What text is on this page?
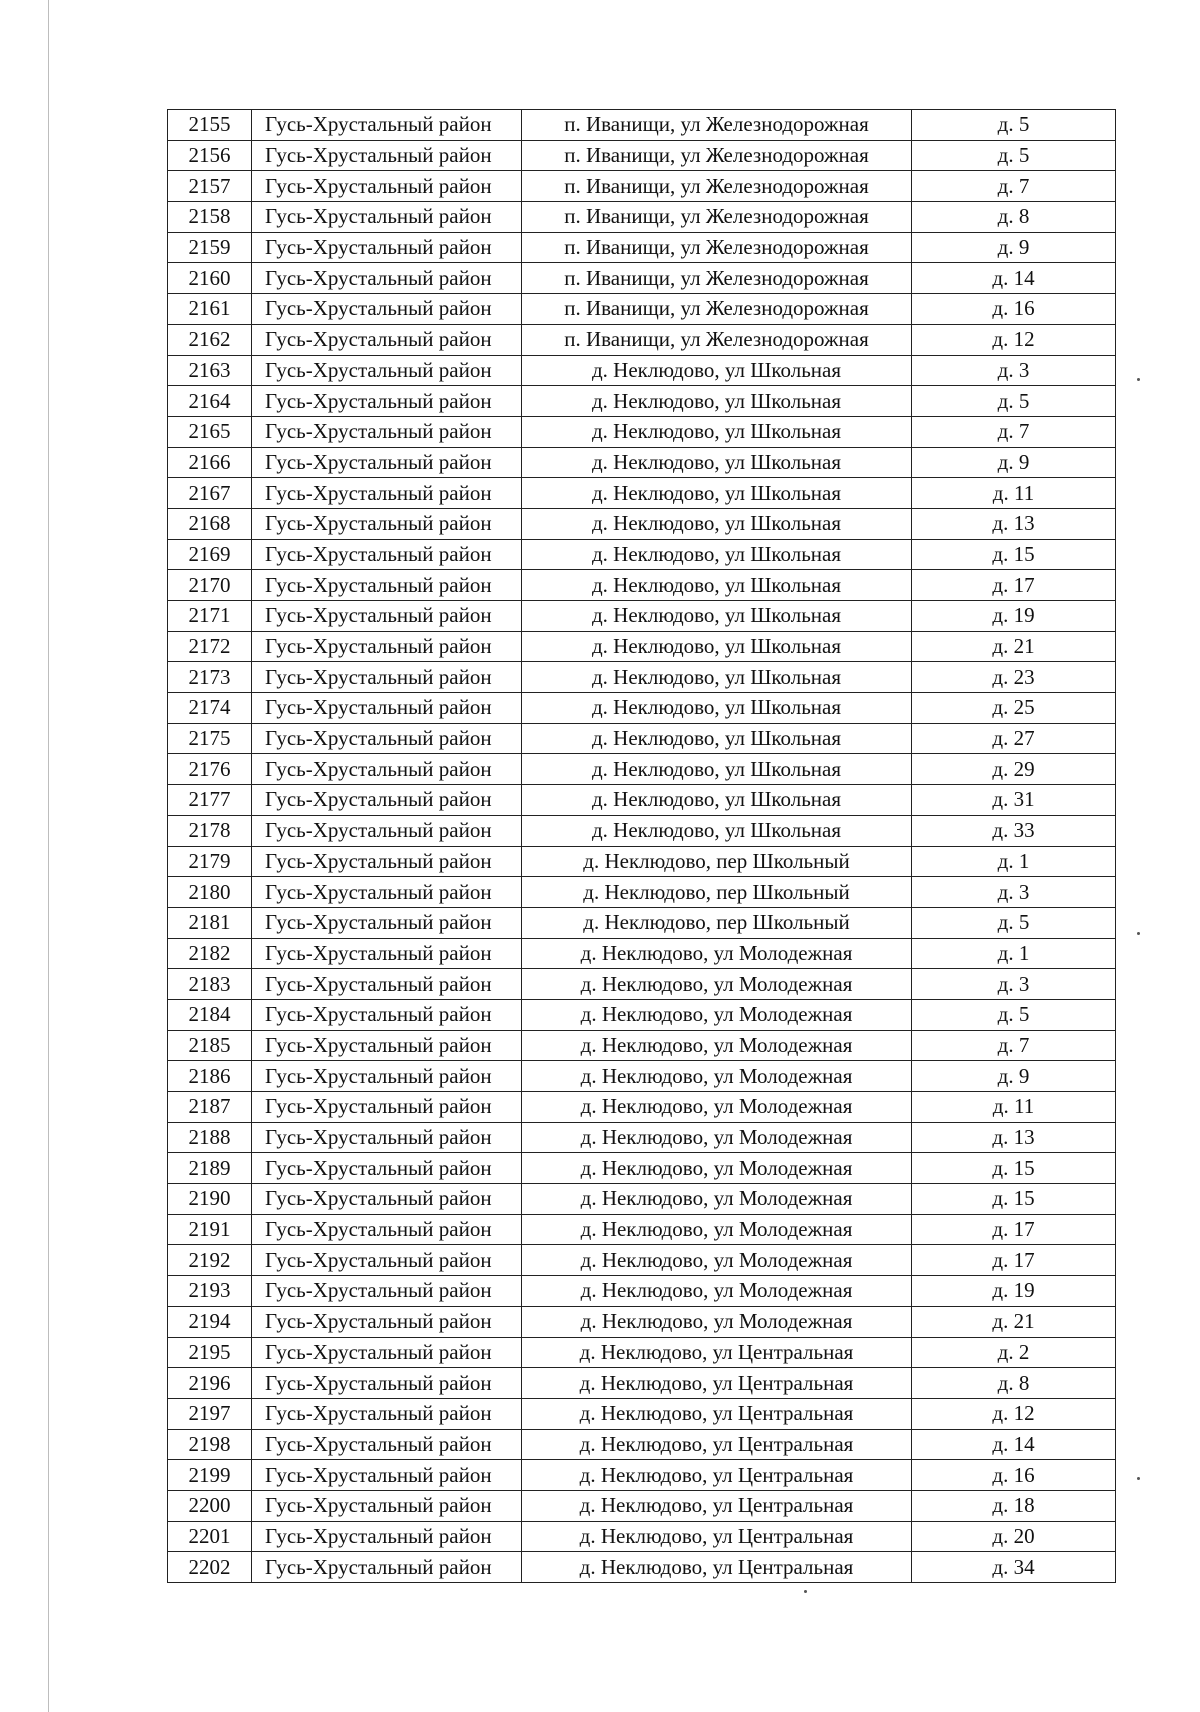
2155	Гусь-Хрустальный район	п. Иванищи, ул Железнодорожная	д. 5
2156	Гусь-Хрустальный район	п. Иванищи, ул Железнодорожная	д. 5
2157	Гусь-Хрустальный район	п. Иванищи, ул Железнодорожная	д. 7
2158	Гусь-Хрустальный район	п. Иванищи, ул Железнодорожная	д. 8
2159	Гусь-Хрустальный район	п. Иванищи, ул Железнодорожная	д. 9
2160	Гусь-Хрустальный район	п. Иванищи, ул Железнодорожная	д. 14
2161	Гусь-Хрустальный район	п. Иванищи, ул Железнодорожная	д. 16
2162	Гусь-Хрустальный район	п. Иванищи, ул Железнодорожная	д. 12
2163	Гусь-Хрустальный район	д. Неклюдово, ул Школьная	д. 3
2164	Гусь-Хрустальный район	д. Неклюдово, ул Школьная	д. 5
2165	Гусь-Хрустальный район	д. Неклюдово, ул Школьная	д. 7
2166	Гусь-Хрустальный район	д. Неклюдово, ул Школьная	д. 9
2167	Гусь-Хрустальный район	д. Неклюдово, ул Школьная	д. 11
2168	Гусь-Хрустальный район	д. Неклюдово, ул Школьная	д. 13
2169	Гусь-Хрустальный район	д. Неклюдово, ул Школьная	д. 15
2170	Гусь-Хрустальный район	д. Неклюдово, ул Школьная	д. 17
2171	Гусь-Хрустальный район	д. Неклюдово, ул Школьная	д. 19
2172	Гусь-Хрустальный район	д. Неклюдово, ул Школьная	д. 21
2173	Гусь-Хрустальный район	д. Неклюдово, ул Школьная	д. 23
2174	Гусь-Хрустальный район	д. Неклюдово, ул Школьная	д. 25
2175	Гусь-Хрустальный район	д. Неклюдово, ул Школьная	д. 27
2176	Гусь-Хрустальный район	д. Неклюдово, ул Школьная	д. 29
2177	Гусь-Хрустальный район	д. Неклюдово, ул Школьная	д. 31
2178	Гусь-Хрустальный район	д. Неклюдово, ул Школьная	д. 33
2179	Гусь-Хрустальный район	д. Неклюдово, пер Школьный	д. 1
2180	Гусь-Хрустальный район	д. Неклюдово, пер Школьный	д. 3
2181	Гусь-Хрустальный район	д. Неклюдово, пер Школьный	д. 5
2182	Гусь-Хрустальный район	д. Неклюдово, ул Молодежная	д. 1
2183	Гусь-Хрустальный район	д. Неклюдово, ул Молодежная	д. 3
2184	Гусь-Хрустальный район	д. Неклюдово, ул Молодежная	д. 5
2185	Гусь-Хрустальный район	д. Неклюдово, ул Молодежная	д. 7
2186	Гусь-Хрустальный район	д. Неклюдово, ул Молодежная	д. 9
2187	Гусь-Хрустальный район	д. Неклюдово, ул Молодежная	д. 11
2188	Гусь-Хрустальный район	д. Неклюдово, ул Молодежная	д. 13
2189	Гусь-Хрустальный район	д. Неклюдово, ул Молодежная	д. 15
2190	Гусь-Хрустальный район	д. Неклюдово, ул Молодежная	д. 15
2191	Гусь-Хрустальный район	д. Неклюдово, ул Молодежная	д. 17
2192	Гусь-Хрустальный район	д. Неклюдово, ул Молодежная	д. 17
2193	Гусь-Хрустальный район	д. Неклюдово, ул Молодежная	д. 19
2194	Гусь-Хрустальный район	д. Неклюдово, ул Молодежная	д. 21
2195	Гусь-Хрустальный район	д. Неклюдово, ул Центральная	д. 2
2196	Гусь-Хрустальный район	д. Неклюдово, ул Центральная	д. 8
2197	Гусь-Хрустальный район	д. Неклюдово, ул Центральная	д. 12
2198	Гусь-Хрустальный район	д. Неклюдово, ул Центральная	д. 14
2199	Гусь-Хрустальный район	д. Неклюдово, ул Центральная	д. 16
2200	Гусь-Хрустальный район	д. Неклюдово, ул Центральная	д. 18
2201	Гусь-Хрустальный район	д. Неклюдово, ул Центральная	д. 20
2202	Гусь-Хрустальный район	д. Неклюдово, ул Центральная	д. 34
